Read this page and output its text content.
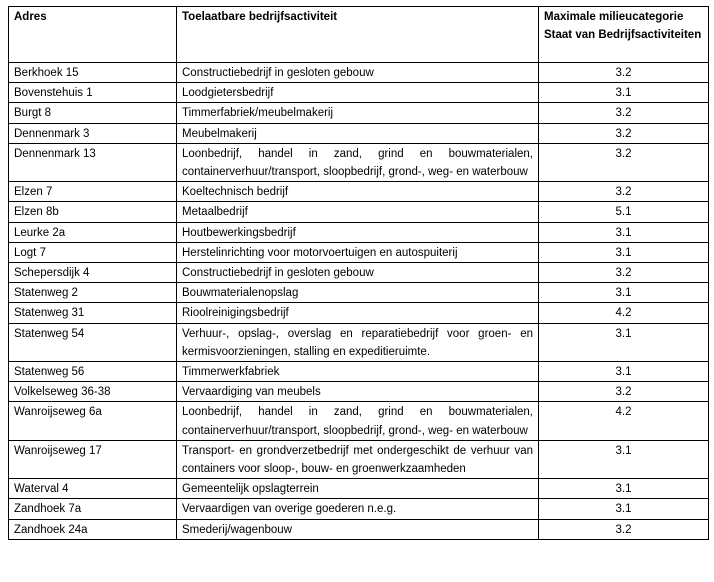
Adres	Toelaatbare bedrijfsactiviteit	Maximale milieucategorie Staat van Bedrijfsactiviteiten
Berkhoek 15	Constructiebedrijf in gesloten gebouw	3.2
Bovenstehuis 1	Loodgietersbedrijf	3.1
Burgt 8	Timmerfabriek/meubelmakerij	3.2
Dennenmark 3	Meubelmakerij	3.2
Dennenmark 13	Loonbedrijf, handel in zand, grind en bouwmaterialen, containerverhuur/transport, sloopbedrijf, grond-, weg- en waterbouw	3.2
Elzen 7	Koeltechnisch bedrijf	3.2
Elzen 8b	Metaalbedrijf	5.1
Leurke 2a	Houtbewerkingsbedrijf	3.1
Logt 7	Herstelinrichting voor motorvoertuigen en autospuiterij	3.1
Schepersdijk 4	Constructiebedrijf in gesloten gebouw	3.2
Statenweg 2	Bouwmaterialenopslag	3.1
Statenweg 31	Rioolreinigingsbedrijf	4.2
Statenweg 54	Verhuur-, opslag-, overslag en reparatiebedrijf voor groen- en kermisvoorzieningen, stalling en expeditieruimte.	3.1
Statenweg 56	Timmerwerkfabriek	3.1
Volkelseweg 36-38	Vervaardiging van meubels	3.2
Wanroijseweg 6a	Loonbedrijf, handel in zand, grind en bouwmaterialen, containerverhuur/transport, sloopbedrijf, grond-, weg- en waterbouw	4.2
Wanroijseweg 17	Transport- en grondverzetbedrijf met ondergeschikt de verhuur van containers voor sloop-, bouw- en groenwerkzaamheden	3.1
Waterval 4	Gemeentelijk opslagterrein	3.1
Zandhoek 7a	Vervaardigen van overige goederen n.e.g.	3.1
Zandhoek 24a	Smederij/wagenbouw	3.2
